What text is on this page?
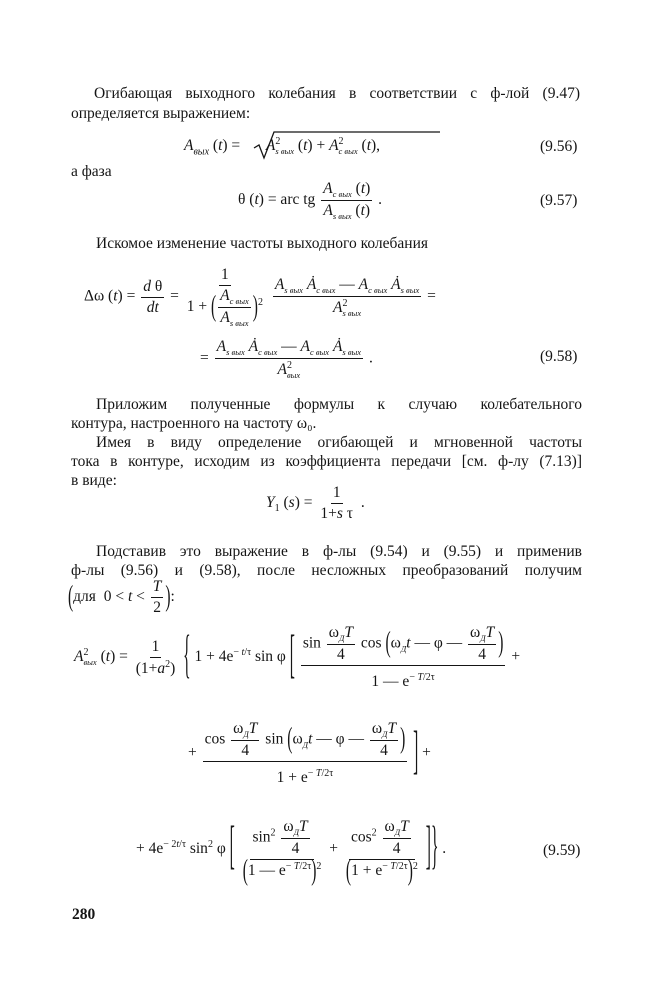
Огибающая выходного колебания в соответствии с ф-лой (9.47)
определяется выражением:
$A_{вых}$ $(t) = A^2_{s вых}$ $(t) + A^2_{c вых}$ (t),	(9.56)
а фаза
θ (t) = arc tg $\frac{A_{c вых} (t)}{A_{s вых} (t)}$ .	(9.57)
Искомое изменение частоты выходного колебания
Δω $(t) = \frac{\text{d θ}}{dt} = \frac{1}{1 + ( \frac{A_{c вых}}{A_{s вых}} )^2}$
$\frac{A_{s вых} Ȧ_{c вых} — A_{c вых} Ȧ_{s вых}}{A^2_{s вых}}$ =
= $\frac{A_{s вых} Ȧ_{c вых} — A_{c вых} Ȧ_{s вых}}{A^2_{вых}}$ .	(9.58)
Приложим полученные формулы к случаю колебательного
контура, настроенного на частоту ω₀.
Имея в виду определение огибающей и мгновенной частоты
тока в контуре, исходим из коэффициента передачи [см. ф-лу (7.13)]
в виде:
$Y_1$ $(s) = \frac{1}{\text{1+s τ}}$ .
Подставив это выражение в ф-лы (9.54) и (9.55) и применив
ф-лы (9.56) и (9.58), после несложных преобразований получим
(для  $0 < t < \frac{T}{2}$ ):
$A^2_{вых}$ $(t) = \frac{1}{(1+a^2)}$ { $1 + 4e^{- t/\tau}$ sin φ [ $\frac{\sin \frac{\omega_ДT}{4} \cos (\omega_Дt — \varphi — \frac{\omega_ДT}{4} )}{1 — e^{- T/2\tau}}$ +
+ $\frac{\cos \frac{\omega_ДT}{4} \sin (\omega_Дt — \varphi — \frac{\omega_ДT}{4} )}{1 + e^{- T/2\tau}}$ ] +
+ $4e^{- 2t/\tau}$ $\sin^2 \varphi$ [ $\frac{\sin^2 \frac{\omega_ДT}{4}}{(1 — e^{- T/2\tau})^2} + \frac{\cos^2 \frac{\omega_ДT}{4}}{(1 + e^{- T/2\tau})^2}$ ]} .	(9.59)
280
